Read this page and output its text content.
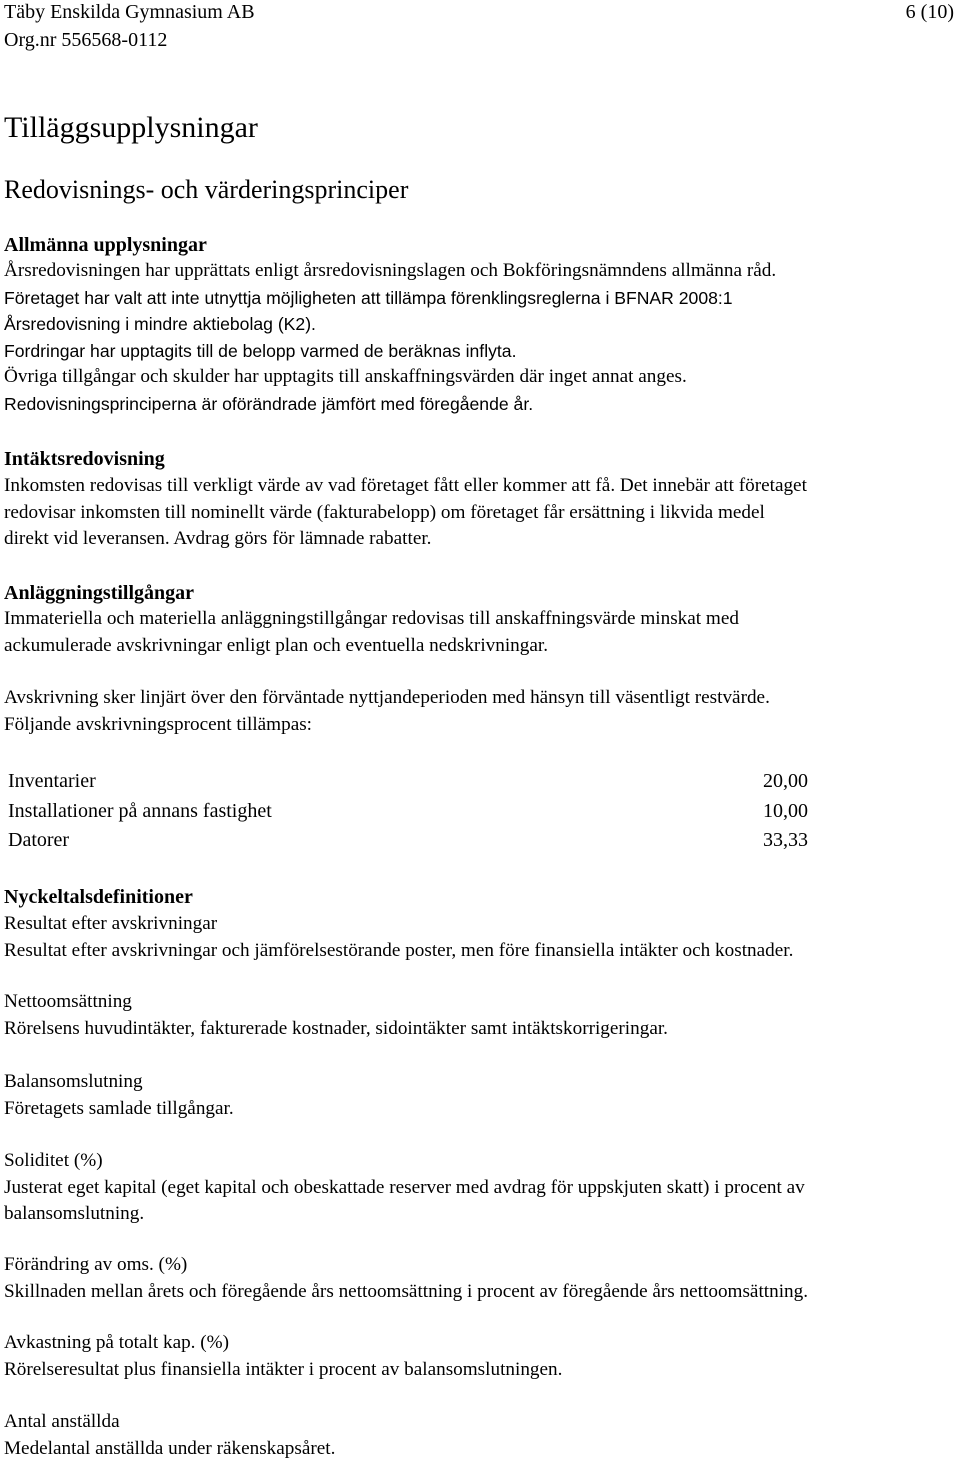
Täby Enskilda Gymnasium AB
Org.nr 556568-0112
6 (10)
Tilläggsupplysningar
Redovisnings- och värderingsprinciper
Allmänna upplysningar
Årsredovisningen har upprättats enligt årsredovisningslagen och Bokföringsnämndens allmänna råd.
Företaget har valt att inte utnyttja möjligheten att tillämpa förenklingsreglerna i BFNAR 2008:1
Årsredovisning i mindre aktiebolag (K2).
Fordringar har upptagits till de belopp varmed de beräknas inflyta.
Övriga tillgångar och skulder har upptagits till anskaffningsvärden där inget annat anges.
Redovisningsprinciperna är oförändrade jämfört med föregående år.
Intäktsredovisning
Inkomsten redovisas till verkligt värde av vad företaget fått eller kommer att få. Det innebär att företaget
redovisar inkomsten till nominellt värde (fakturabelopp) om företaget får ersättning i likvida medel
direkt vid leveransen. Avdrag görs för lämnade rabatter.
Anläggningstillgångar
Immateriella och materiella anläggningstillgångar redovisas till anskaffningsvärde minskat med
ackumulerade avskrivningar enligt plan och eventuella nedskrivningar.
Avskrivning sker linjärt över den förväntade nyttjandeperioden med hänsyn till väsentligt restvärde.
Följande avskrivningsprocent tillämpas:
Inventarier	20,00
Installationer på annans fastighet	10,00
Datorer	33,33
Nyckeltalsdefinitioner
Resultat efter avskrivningar
Resultat efter avskrivningar och jämförelsestörande poster, men före finansiella intäkter och kostnader.
Nettoomsättning
Rörelsens huvudintäkter, fakturerade kostnader, sidointäkter samt intäktskorrigeringar.
Balansomslutning
Företagets samlade tillgångar.
Soliditet (%)
Justerat eget kapital (eget kapital och obeskattade reserver med avdrag för uppskjuten skatt) i procent av
balansomslutning.
Förändring av oms. (%)
Skillnaden mellan årets och föregående års nettoomsättning i procent av föregående års nettoomsättning.
Avkastning på totalt kap. (%)
Rörelseresultat plus finansiella intäkter i procent av balansomslutningen.
Antal anställda
Medelantal anställda under räkenskapsåret.
